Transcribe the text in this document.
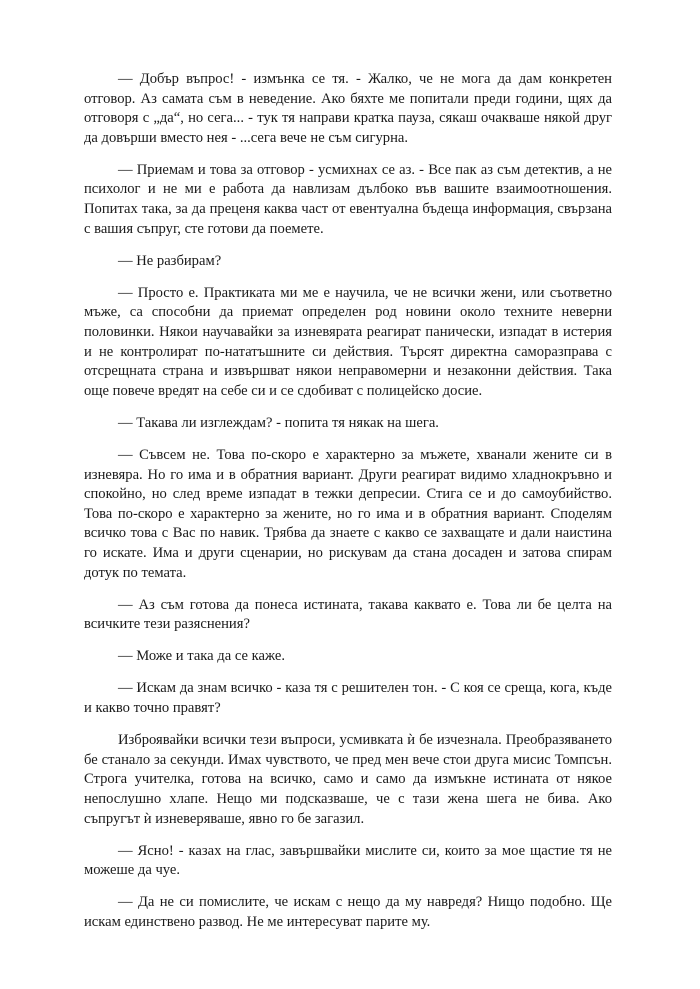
— Добър въпрос! - измънка се тя. - Жалко, че не мога да дам конкретен отговор. Аз самата съм в неведение. Ако бяхте ме попитали преди години, щях да отговоря с „да“, но сега... - тук тя направи кратка пауза, сякаш очакваше някой друг да довърши вместо нея - ...сега вече не съм сигурна.

— Приемам и това за отговор - усмихнах се аз. - Все пак аз съм детектив, а не психолог и не ми е работа да навлизам дълбоко във вашите взаимоотношения. Попитах така, за да преценя каква част от евентуална бъдеща информация, свързана с вашия съпруг, сте готови да поемете.

— Не разбирам?

— Просто е. Практиката ми ме е научила, че не всички жени, или съответно мъже, са способни да приемат определен род новини около техните неверни половинки. Някои научавайки за изневярата реагират панически, изпадат в истерия и не контролират по-нататъшните си действия. Търсят директна саморазправа с отсрещната страна и извършват някои неправомерни и незаконни действия. Така още повече вредят на себе си и се сдобиват с полицейско досие.

— Такава ли изглеждам? - попита тя някак на шега.

— Съвсем не. Това по-скоро е характерно за мъжете, хванали жените си в изневяра. Но го има и в обратния вариант. Други реагират видимо хладнокръвно и спокойно, но след време изпадат в тежки депресии. Стига се и до самоубийство. Това по-скоро е характерно за жените, но го има и в обратния вариант. Споделям всичко това с Вас по навик. Трябва да знаете с какво се захващате и дали наистина го искате. Има и други сценарии, но рискувам да стана досаден и затова спирам дотук по темата.

— Аз съм готова да понеса истината, такава каквато е. Това ли бе целта на всичките тези разяснения?

— Може и така да се каже.

— Искам да знам всичко - каза тя с решителен тон. - С коя се среща, кога, къде и какво точно правят?

Изброявайки всички тези въпроси, усмивката ѝ бе изчезнала. Преобразяването бе станало за секунди. Имах чувството, че пред мен вече стои друга мисис Томпсън. Строга учителка, готова на всичко, само и само да измъкне истината от някое непослушно хлапе. Нещо ми подсказваше, че с тази жена шега не бива. Ако съпругът ѝ изневеряваше, явно го бе загазил.

— Ясно! - казах на глас, завършвайки мислите си, които за мое щастие тя не можеше да чуе.

— Да не си помислите, че искам с нещо да му навредя? Нищо подобно. Ще искам единствено развод. Не ме интересуват парите му.
